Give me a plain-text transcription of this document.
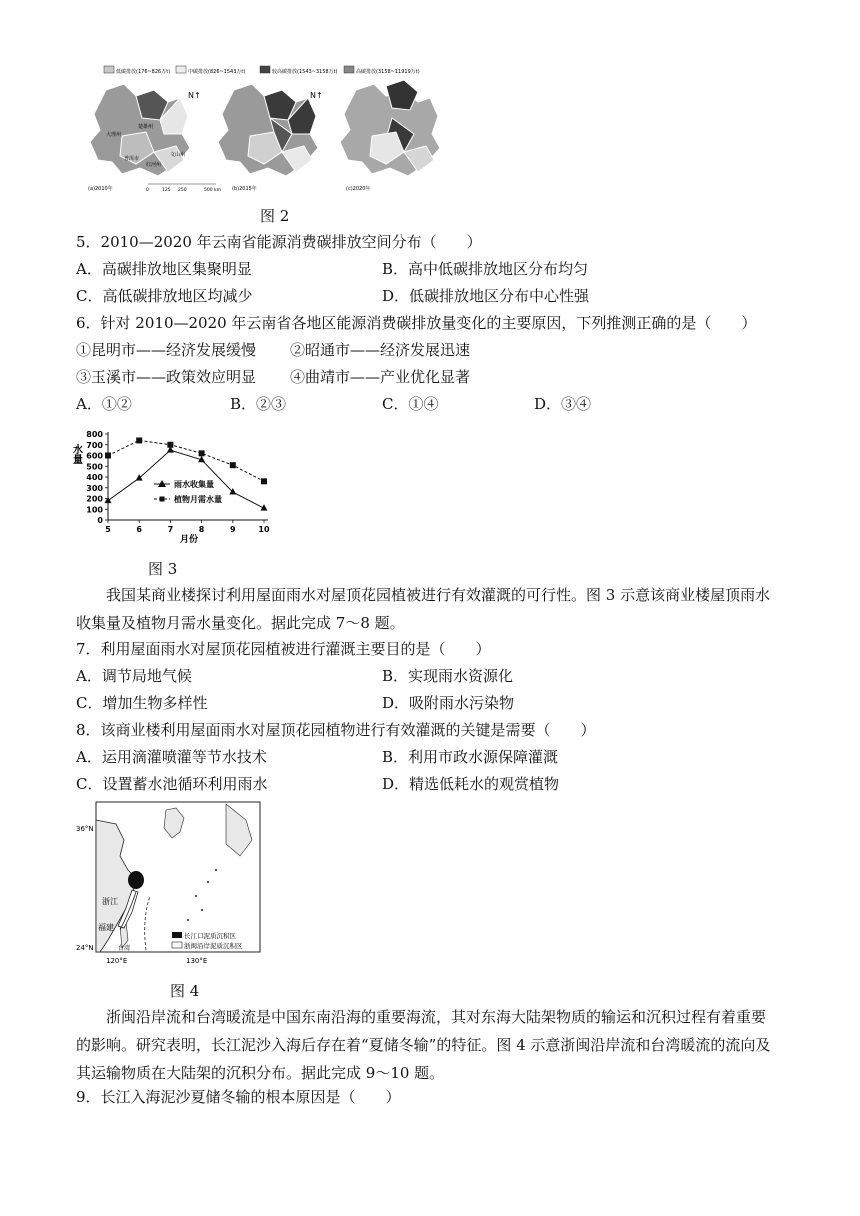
低碳排放(176~826万t)	中碳排放(826~1543万t)	较高碳排放(1543~3158万t)	高碳排放(3158~11919万t)
大理州
楚雄州
红河州
普洱市
文山州
(a)2010年	0	125 250	500 km
N↑
(b)2015年
N↑
(c)2020年
图 2
5．2010—2020 年云南省能源消费碳排放空间分布（　　）
A．高碳排放地区集聚明显	B．高中低碳排放地区分布均匀
C．高低碳排放地区均减少	D．低碳排放地区分布中心性强
6．针对 2010—2020 年云南省各地区能源消费碳排放量变化的主要原因，下列推测正确的是（　　）
①昆明市——经济发展缓慢 ②昭通市——经济发展迅速
③玉溪市——政策效应明显 ④曲靖市——产业优化显著
A．①②	B．②③	C．①④	D．③④
10
9
8
7
6
5
800
700
600
500
400
300
200
100
0
水量
月份
雨水收集量
植物月需水量
图 3
我国某商业楼探讨利用屋面雨水对屋顶花园植被进行有效灌溉的可行性。图 3 示意该商业楼屋顶雨水收集量及植物月需水量变化。据此完成 7～8 题。
7．利用屋面雨水对屋顶花园植被进行灌溉主要目的是（　　）
A．调节局地气候	B．实现雨水资源化
C．增加生物多样性	D．吸附雨水污染物
8．该商业楼利用屋面雨水对屋顶花园植物进行有效灌溉的关键是需要（　　）
A．运用滴灌喷灌等节水技术	B．利用市政水源保障灌溉
C．设置蓄水池循环利用雨水	D．精选低耗水的观赏植物
浙江
福建
台湾
36°N
24°N
120°E	130°E
长江口泥质沉积区
浙闽沿岸泥质沉积区
图 4
浙闽沿岸流和台湾暖流是中国东南沿海的重要海流，其对东海大陆架物质的输运和沉积过程有着重要的影响。研究表明，长江泥沙入海后存在着“夏储冬输”的特征。图 4 示意浙闽沿岸流和台湾暖流的流向及其运输物质在大陆架的沉积分布。据此完成 9～10 题。
9．长江入海泥沙夏储冬输的根本原因是（　　）
